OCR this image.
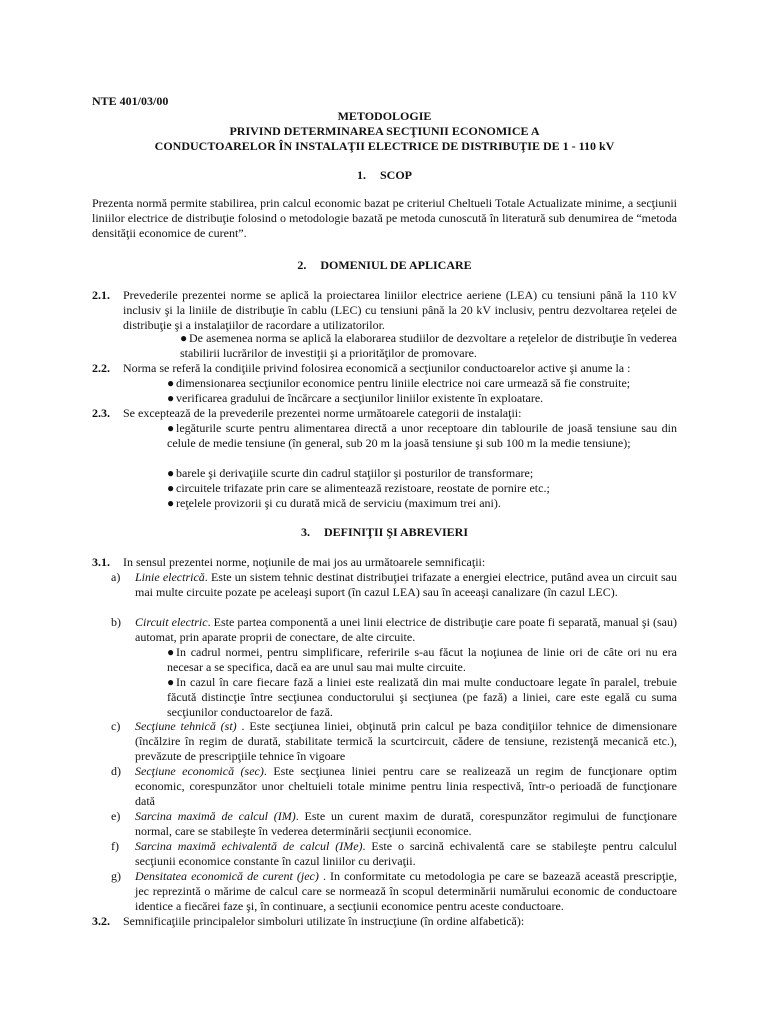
NTE 401/03/00
METODOLOGIE
PRIVIND DETERMINAREA SECŢIUNII ECONOMICE A
CONDUCTOARELOR ÎN INSTALAŢII ELECTRICE DE DISTRIBUŢIE DE 1 - 110 kV
1. SCOP
Prezenta normă permite stabilirea, prin calcul economic bazat pe criteriul Cheltueli Totale Actualizate minime, a secţiunii liniilor electrice de distribuţie folosind o metodologie bazată pe metoda cunoscută în literatură sub denumirea de “metoda densităţii economice de curent”.
2. DOMENIUL DE APLICARE
2.1. Prevederile prezentei norme se aplică la proiectarea liniilor electrice aeriene (LEA) cu tensiuni până la 110 kV inclusiv şi la liniile de distribuţie în cablu (LEC) cu tensiuni până la 20 kV inclusiv, pentru dezvoltarea reţelei de distribuţie şi a instalaţiilor de racordare a utilizatorilor.
● De asemenea norma se aplică la elaborarea studiilor de dezvoltare a reţelelor de distribuţie în vederea stabilirii lucrărilor de investiţii şi a priorităţilor de promovare.
2.2. Norma se referă la condiţiile privind folosirea economică a secţiunilor conductoarelor active şi anume la :
● dimensionarea secţiunilor economice pentru liniile electrice noi care urmează să fie construite;
● verificarea gradului de încărcare a secţiunilor liniilor existente în exploatare.
2.3. Se exceptează de la prevederile prezentei norme următoarele categorii de instalaţii:
● legăturile scurte pentru alimentarea directă a unor receptoare din tablourile de joasă tensiune sau din celule de medie tensiune (în general, sub 20 m la joasă tensiune şi sub 100 m la medie tensiune);
● barele şi derivaţiile scurte din cadrul staţiilor şi posturilor de transformare;
● circuitele trifazate prin care se alimentează rezistoare, reostate de pornire etc.;
● reţelele provizorii şi cu durată mică de serviciu (maximum trei ani).
3. DEFINIŢII ŞI ABREVIERI
3.1. In sensul prezentei norme, noţiunile de mai jos au următoarele semnificaţii:
a) Linie electrică. Este un sistem tehnic destinat distribuţiei trifazate a energiei electrice, putând avea un circuit sau mai multe circuite pozate pe aceleaşi suport (în cazul LEA) sau în aceeaşi canalizare (în cazul LEC).
b) Circuit electric. Este partea componentă a unei linii electrice de distribuţie care poate fi separată, manual şi (sau) automat, prin aparate proprii de conectare, de alte circuite.
● In cadrul normei, pentru simplificare, referirile s-au făcut la noţiunea de linie ori de câte ori nu era necesar a se specifica, dacă ea are unul sau mai multe circuite.
● In cazul în care fiecare fază a liniei este realizată din mai multe conductoare legate în paralel, trebuie făcută distincţie între secţiunea conductorului şi secţiunea (pe fază) a liniei, care este egală cu suma secţiunilor conductoarelor de fază.
c) Secţiune tehnică (st) . Este secţiunea liniei, obţinută prin calcul pe baza condiţiilor tehnice de dimensionare (încălzire în regim de durată, stabilitate termică la scurtcircuit, cădere de tensiune, rezistenţă mecanică etc.), prevăzute de prescripţiile tehnice în vigoare
d) Secţiune economică (sec). Este secţiunea liniei pentru care se realizează un regim de funcţionare optim economic, corespunzător unor cheltuieli totale minime pentru linia respectivă, într-o perioadă de funcţionare dată
e) Sarcina maximă de calcul (IM). Este un curent maxim de durată, corespunzător regimului de funcţionare normal, care se stabileşte în vederea determinării secţiunii economice.
f) Sarcina maximă echivalentă de calcul (IMe). Este o sarcină echivalentă care se stabileşte pentru calculul secţiunii economice constante în cazul liniilor cu derivaţii.
g) Densitatea economică de curent (jec) . In conformitate cu metodologia pe care se bazează această prescripţie, jec reprezintă o mărime de calcul care se normează în scopul determinării numărului economic de conductoare identice a fiecărei faze şi, în continuare, a secţiunii economice pentru aceste conductoare.
3.2. Semnificaţiile principalelor simboluri utilizate în instrucţiune (în ordine alfabetică):
